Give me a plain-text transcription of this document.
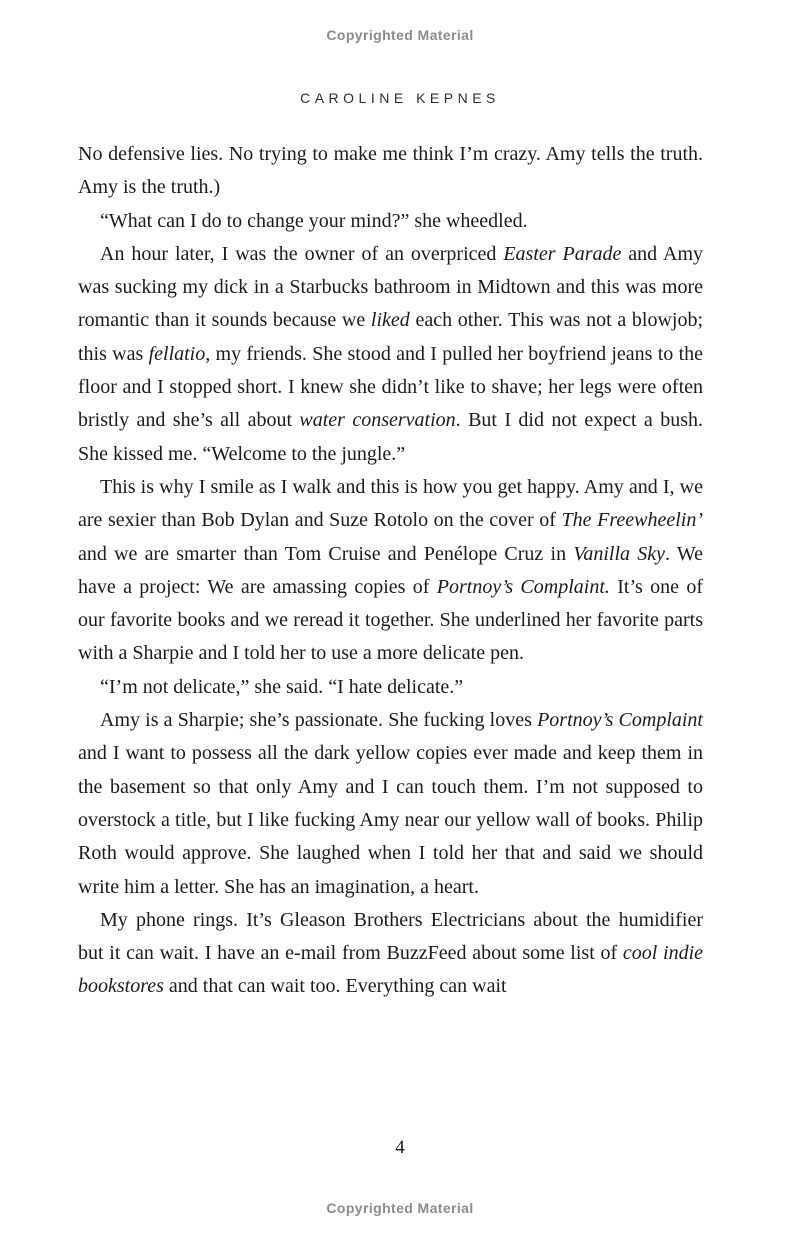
Copyrighted Material
CAROLINE KEPNES

No defensive lies. No trying to make me think I’m crazy. Amy tells the truth. Amy is the truth.)

“What can I do to change your mind?” she wheedled.

An hour later, I was the owner of an overpriced Easter Parade and Amy was sucking my dick in a Starbucks bathroom in Midtown and this was more romantic than it sounds because we liked each other. This was not a blowjob; this was fellatio, my friends. She stood and I pulled her boyfriend jeans to the floor and I stopped short. I knew she didn’t like to shave; her legs were often bristly and she’s all about water conservation. But I did not expect a bush. She kissed me. “Welcome to the jungle.”

This is why I smile as I walk and this is how you get happy. Amy and I, we are sexier than Bob Dylan and Suze Rotolo on the cover of The Freewheelin’ and we are smarter than Tom Cruise and Penélope Cruz in Vanilla Sky. We have a project: We are amassing copies of Portnoy’s Complaint. It’s one of our favorite books and we reread it together. She underlined her favorite parts with a Sharpie and I told her to use a more delicate pen.

“I’m not delicate,” she said. “I hate delicate.”

Amy is a Sharpie; she’s passionate. She fucking loves Portnoy’s Complaint and I want to possess all the dark yellow copies ever made and keep them in the basement so that only Amy and I can touch them. I’m not supposed to overstock a title, but I like fucking Amy near our yellow wall of books. Philip Roth would approve. She laughed when I told her that and said we should write him a letter. She has an imagination, a heart.

My phone rings. It’s Gleason Brothers Electricians about the humidifier but it can wait. I have an e-mail from BuzzFeed about some list of cool indie bookstores and that can wait too. Everything can wait

4
Copyrighted Material
